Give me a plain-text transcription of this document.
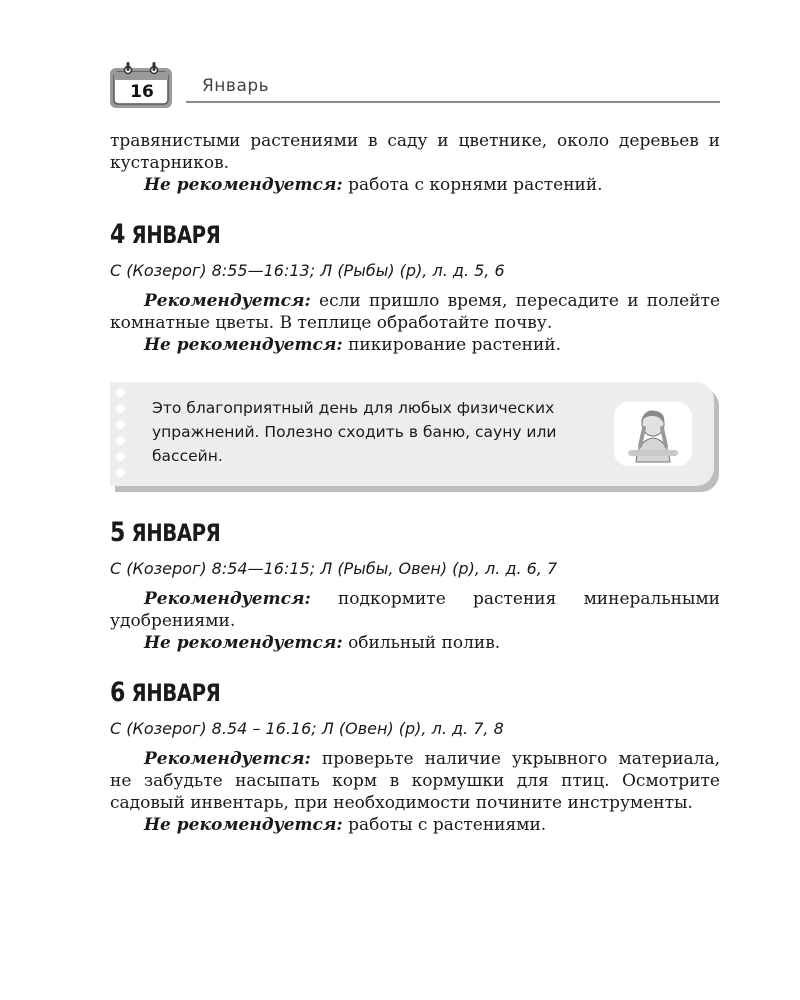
16	Январь

травянистыми растениями в саду и цветнике, около деревьев и кустарников.

Не рекомендуется: работа с корнями растений.

4 ЯНВАРЯ
С (Козерог) 8:55—16:13; Л (Рыбы) (р), л. д. 5, 6

Рекомендуется: если пришло время, пересадите и полейте комнатные цветы. В теплице обработайте почву.

Не рекомендуется: пикирование растений.

Это благоприятный день для любых физических упражнений. Полезно сходить в баню, сауну или бассейн.
5 ЯНВАРЯ
С (Козерог) 8:54—16:15; Л (Рыбы, Овен) (р), л. д. 6, 7

Рекомендуется: подкормите растения минеральными удобрениями.

Не рекомендуется: обильный полив.

6 ЯНВАРЯ
С (Козерог) 8.54 – 16.16; Л (Овен) (р), л. д. 7, 8

Рекомендуется: проверьте наличие укрывного материала, не забудьте насыпать корм в кормушки для птиц. Осмотрите садовый инвентарь, при необходимости почините инструменты.

Не рекомендуется: работы с растениями.
